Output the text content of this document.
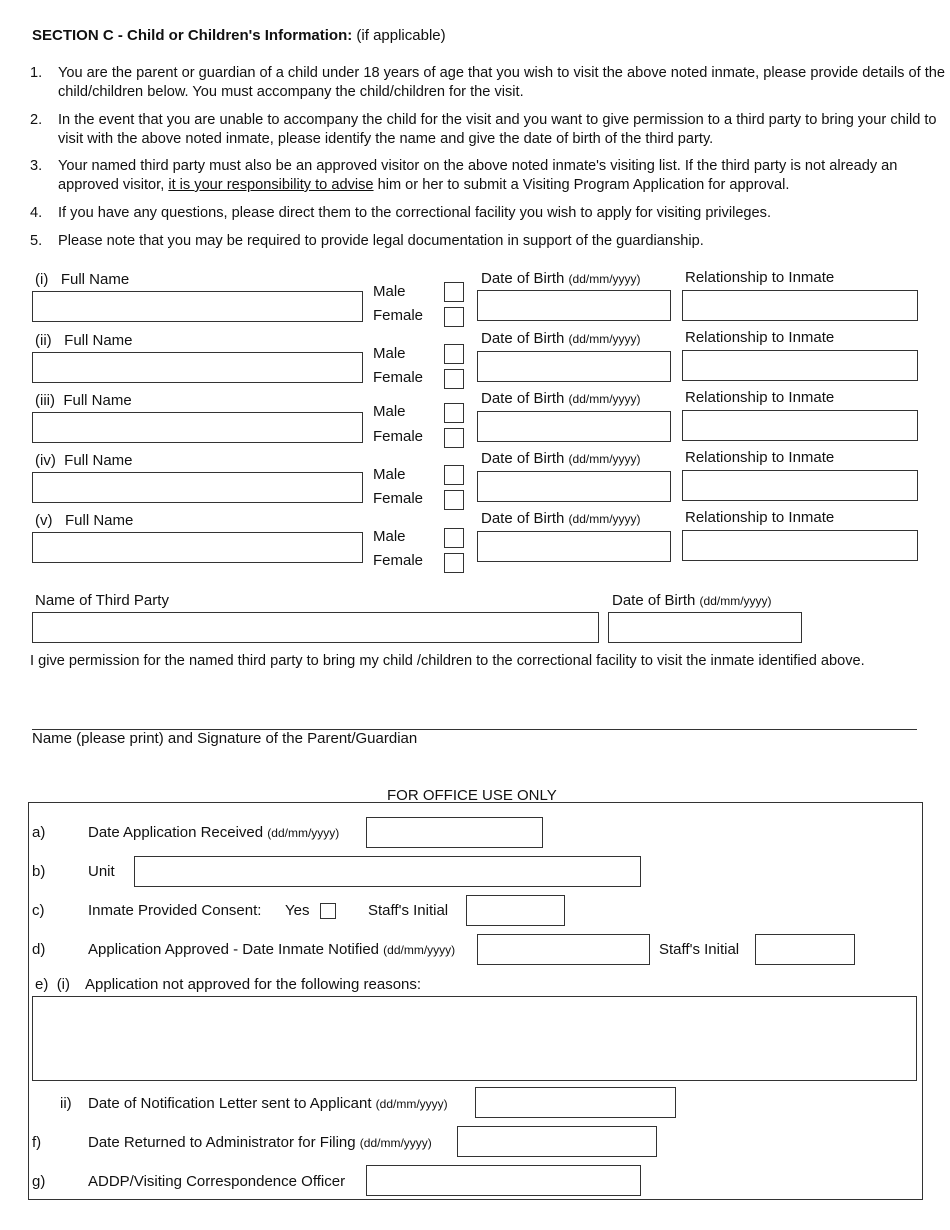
SECTION C - Child or Children's Information: (if applicable)
1. You are the parent or guardian of a child under 18 years of age that you wish to visit the above noted inmate, please provide details of the child/children below. You must accompany the child/children for the visit.
2. In the event that you are unable to accompany the child for the visit and you want to give permission to a third party to bring your child to visit with the above noted inmate, please identify the name and give the date of birth of the third party.
3. Your named third party must also be an approved visitor on the above noted inmate's visiting list. If the third party is not already an approved visitor, it is your responsibility to advise him or her to submit a Visiting Program Application for approval.
4. If you have any questions, please direct them to the correctional facility you wish to apply for visiting privileges.
5. Please note that you may be required to provide legal documentation in support of the guardianship.
(i) Full Name
Male
Female
Date of Birth (dd/mm/yyyy)	Relationship to Inmate
(ii) Full Name
Male
Female
Date of Birth (dd/mm/yyyy)	Relationship to Inmate
(iii) Full Name
Male
Female
Date of Birth (dd/mm/yyyy)	Relationship to Inmate
(iv) Full Name
Male
Female
Date of Birth (dd/mm/yyyy)	Relationship to Inmate
(v) Full Name
Male
Female
Date of Birth (dd/mm/yyyy)	Relationship to Inmate
Name of Third Party	Date of Birth (dd/mm/yyyy)
I give permission for the named third party to bring my child /children to the correctional facility to visit the inmate identified above.
Name (please print) and Signature of the Parent/Guardian
FOR OFFICE USE ONLY
a)	Date Application Received (dd/mm/yyyy)
b)	Unit
c)	Inmate Provided Consent: Yes	Staff's Initial
d)	Application Approved - Date Inmate Notified (dd/mm/yyyy)	Staff's Initial
e) (i) Application not approved for the following reasons:
ii) Date of Notification Letter sent to Applicant (dd/mm/yyyy)
f)	Date Returned to Administrator for Filing (dd/mm/yyyy)
g)	ADDP/Visiting Correspondence Officer
